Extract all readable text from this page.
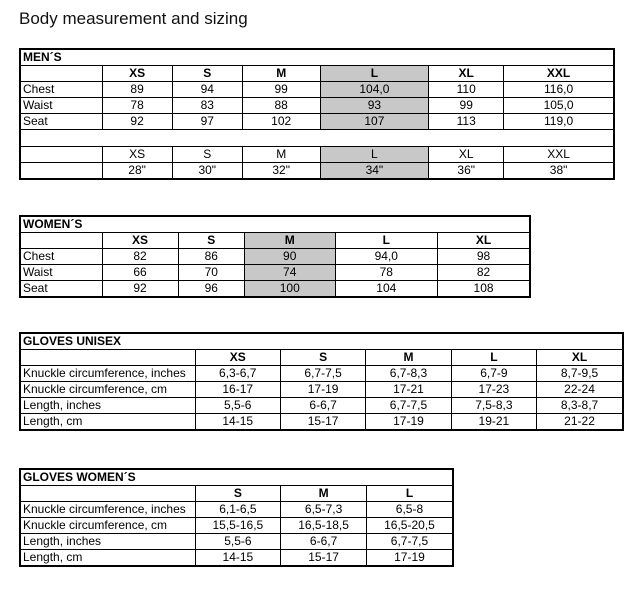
Body measurement and sizing
MEN´S						
	XS	S	M	L	XL	XXL
Chest	89	94	99	104,0	110	116,0
Waist	78	83	88	93	99	105,0
Seat	92	97	102	107	113	119,0

	XS	S	M	L	XL	XXL
	28"	30"	32"	34"	36"	38"
WOMEN´S					
	XS	S	M	L	XL
Chest	82	86	90	94,0	98
Waist	66	70	74	78	82
Seat	92	96	100	104	108
GLOVES UNISEX					
	XS	S	M	L	XL
Knuckle circumference, inches	6,3-6,7	6,7-7,5	6,7-8,3	6,7-9	8,7-9,5
Knuckle circumference, cm	16-17	17-19	17-21	17-23	22-24
Length, inches	5,5-6	6-6,7	6,7-7,5	7,5-8,3	8,3-8,7
Length, cm	14-15	15-17	17-19	19-21	21-22
GLOVES WOMEN´S			
	S	M	L
Knuckle circumference, inches	6,1-6,5	6,5-7,3	6,5-8
Knuckle circumference, cm	15,5-16,5	16,5-18,5	16,5-20,5
Length, inches	5,5-6	6-6,7	6,7-7,5
Length, cm	14-15	15-17	17-19
